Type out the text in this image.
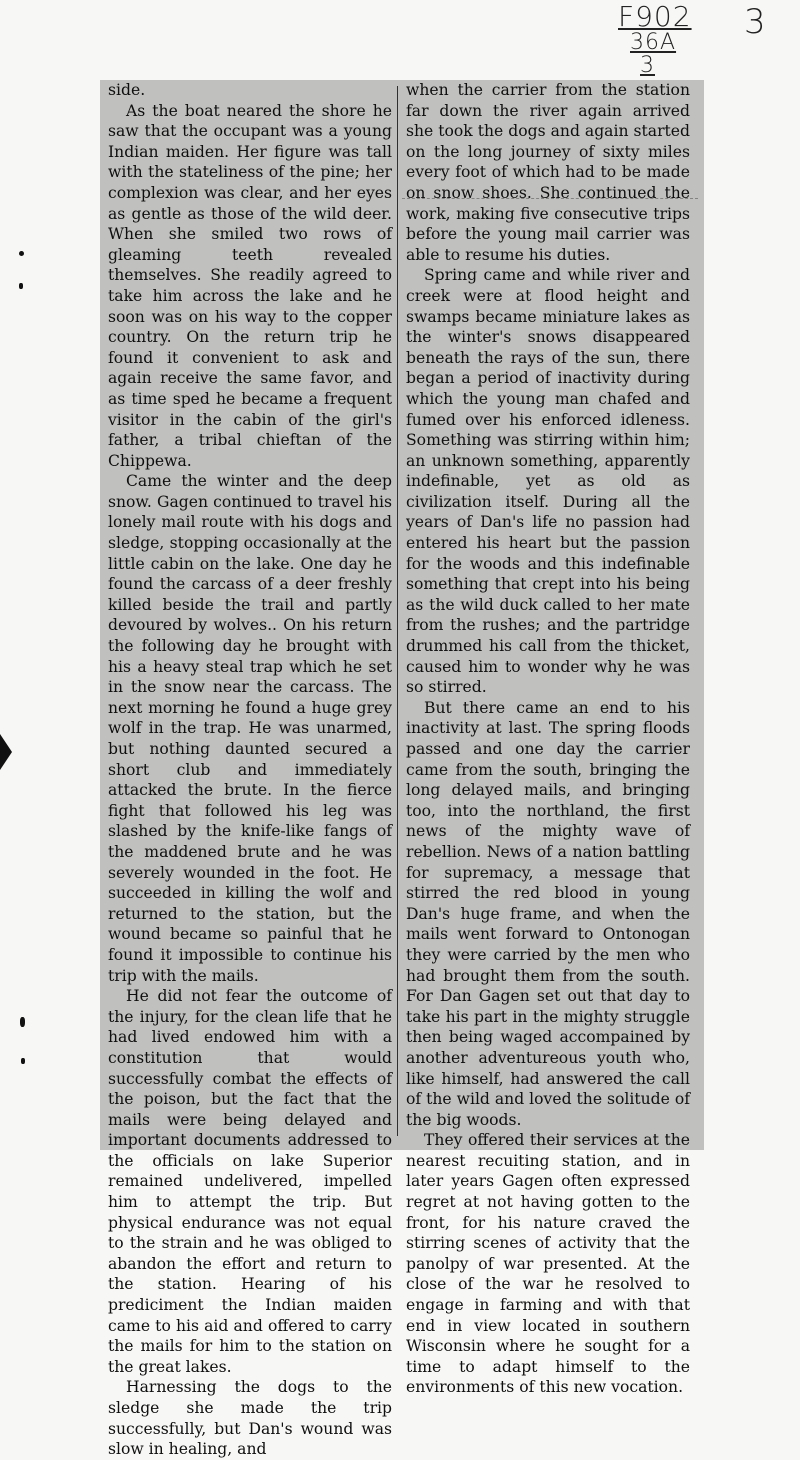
F902
36A
3
3

side.

As the boat neared the shore he saw that the occupant was a young Indian maiden. Her figure was tall with the stateliness of the pine; her complexion was clear, and her eyes as gentle as those of the wild deer. When she smiled two rows of gleaming teeth revealed themselves. She readily agreed to take him across the lake and he soon was on his way to the copper country. On the return trip he found it convenient to ask and again receive the same favor, and as time sped he became a frequent visitor in the cabin of the girl's father, a tribal chieftan of the Chippewa.

Came the winter and the deep snow. Gagen continued to travel his lonely mail route with his dogs and sledge, stopping occasionally at the little cabin on the lake. One day he found the carcass of a deer freshly killed beside the trail and partly devoured by wolves.. On his return the following day he brought with his a heavy steal trap which he set in the snow near the carcass. The next morning he found a huge grey wolf in the trap. He was unarmed, but nothing daunted secured a short club and immediately attacked the brute. In the fierce fight that followed his leg was slashed by the knife-like fangs of the maddened brute and he was severely wounded in the foot. He succeeded in killing the wolf and returned to the station, but the wound became so painful that he found it impossible to continue his trip with the mails.

He did not fear the outcome of the injury, for the clean life that he had lived endowed him with a constitution that would successfully combat the effects of the poison, but the fact that the mails were being delayed and important documents addressed to the officials on lake Superior remained undelivered, impelled him to attempt the trip. But physical endurance was not equal to the strain and he was obliged to abandon the effort and return to the station. Hearing of his prediciment the Indian maiden came to his aid and offered to carry the mails for him to the station on the great lakes.

Harnessing the dogs to the sledge she made the trip successfully, but Dan's wound was slow in healing, and

when the carrier from the station far down the river again arrived she took the dogs and again started on the long journey of sixty miles every foot of which had to be made on snow shoes. She continued the work, making five consecutive trips before the young mail carrier was able to resume his duties.

Spring came and while river and creek were at flood height and swamps became miniature lakes as the winter's snows disappeared beneath the rays of the sun, there began a period of inactivity during which the young man chafed and fumed over his enforced idleness. Something was stirring within him; an unknown something, apparently indefinable, yet as old as civilization itself. During all the years of Dan's life no passion had entered his heart but the passion for the woods and this indefinable something that crept into his being as the wild duck called to her mate from the rushes; and the partridge drummed his call from the thicket, caused him to wonder why he was so stirred.

But there came an end to his inactivity at last. The spring floods passed and one day the carrier came from the south, bringing the long delayed mails, and bringing too, into the northland, the first news of the mighty wave of rebellion. News of a nation battling for supremacy, a message that stirred the red blood in young Dan's huge frame, and when the mails went forward to Ontonogan they were carried by the men who had brought them from the south. For Dan Gagen set out that day to take his part in the mighty struggle then being waged accompained by another adventureous youth who, like himself, had answered the call of the wild and loved the solitude of the big woods.

They offered their services at the nearest recuiting station, and in later years Gagen often expressed regret at not having gotten to the front, for his nature craved the stirring scenes of activity that the panolpy of war presented. At the close of the war he resolved to engage in farming and with that end in view located in southern Wisconsin where he sought for a time to adapt himself to the environments of this new vocation.
